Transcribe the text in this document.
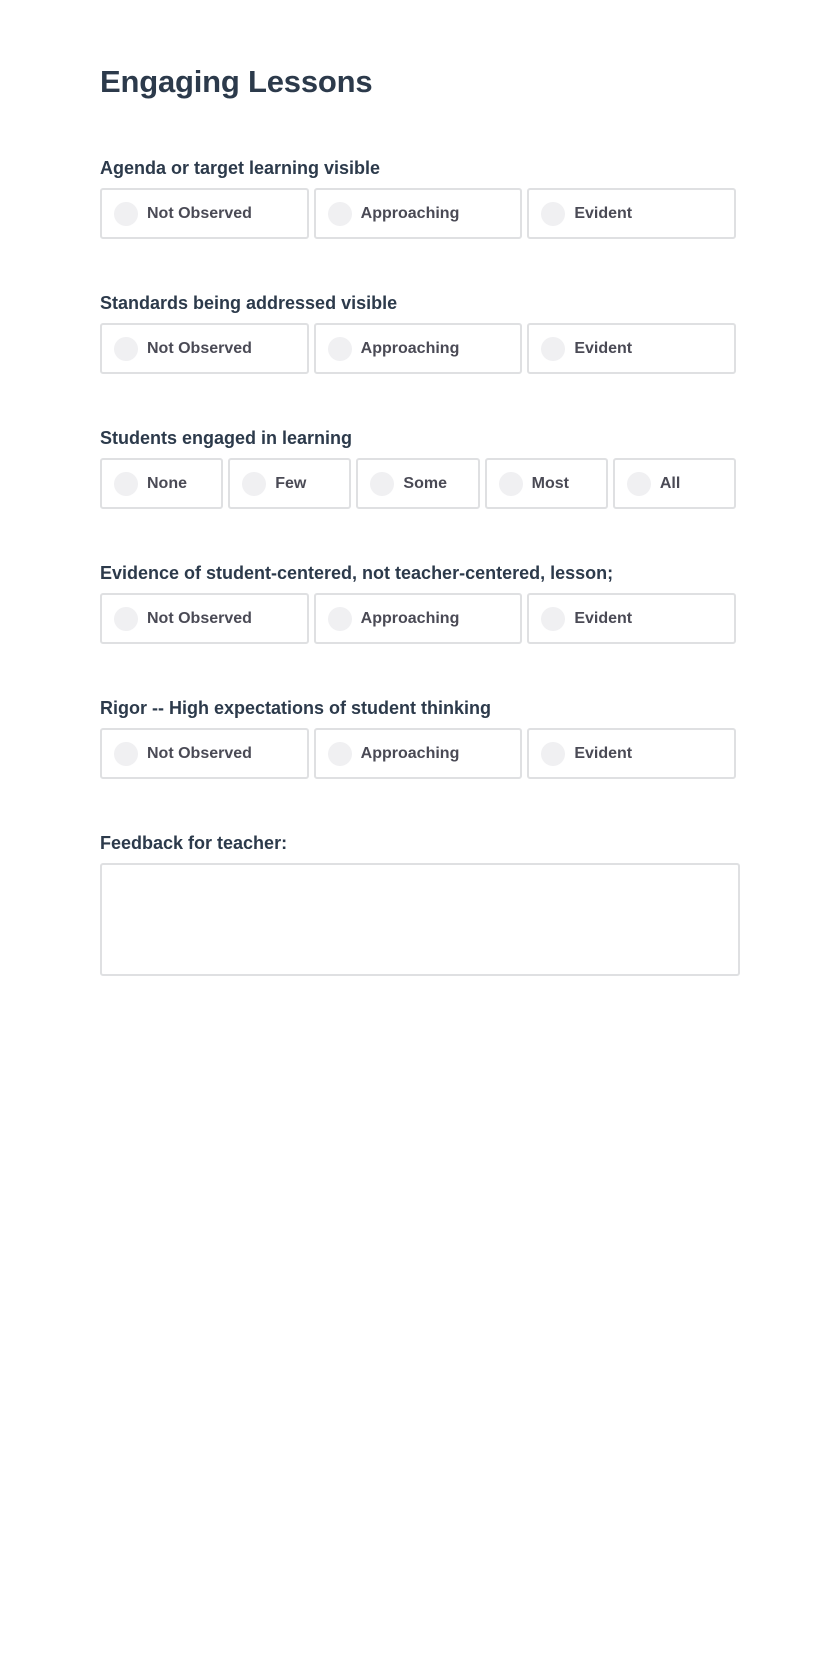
Engaging Lessons
Agenda or target learning visible
Not Observed	Approaching	Evident
Standards being addressed visible
Not Observed	Approaching	Evident
Students engaged in learning
None	Few	Some	Most	All
Evidence of student-centered, not teacher-centered, lesson;
Not Observed	Approaching	Evident
Rigor -- High expectations of student thinking
Not Observed	Approaching	Evident
Feedback for teacher:
